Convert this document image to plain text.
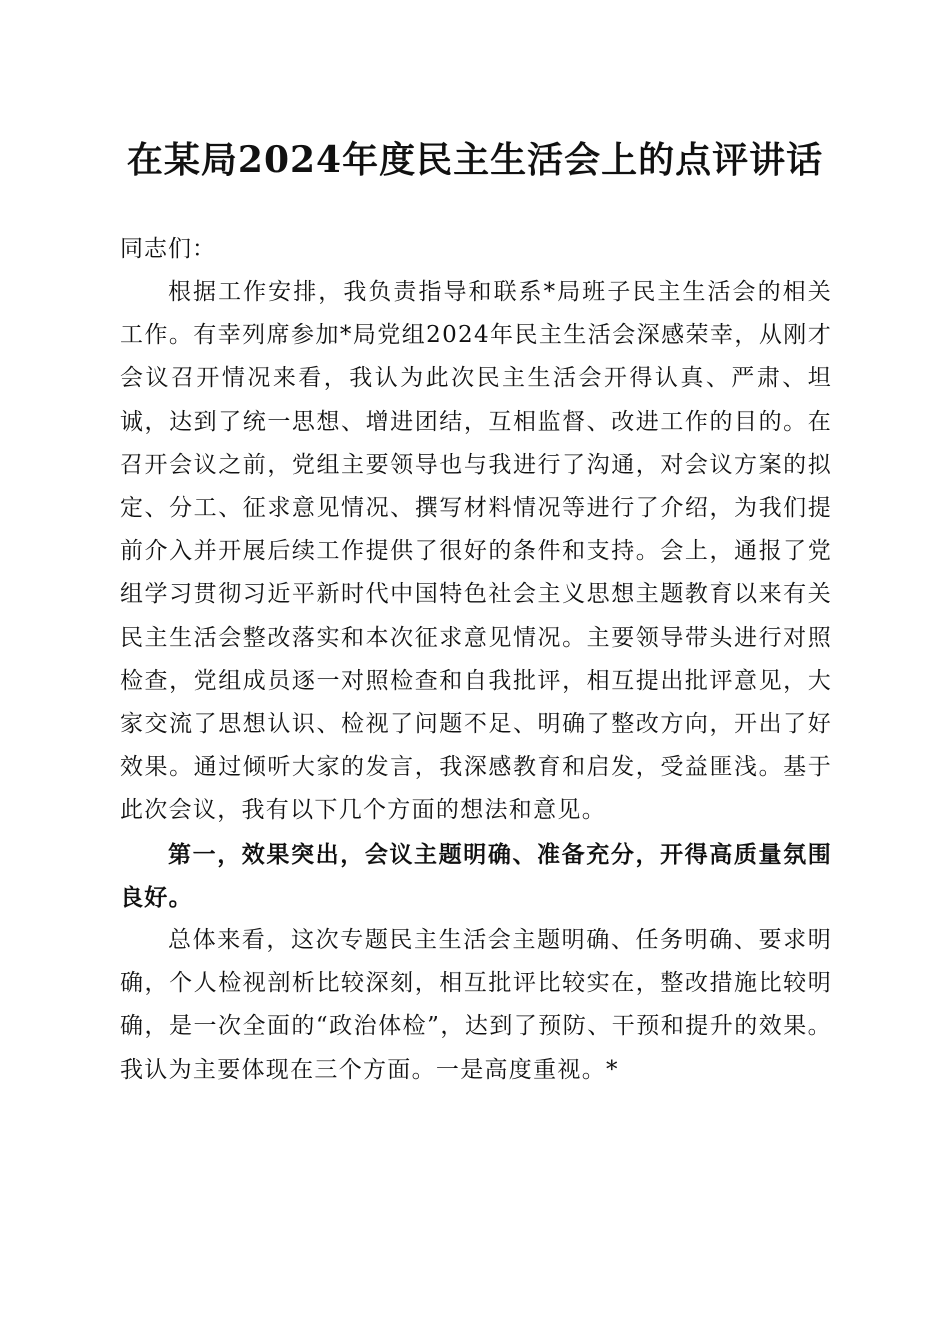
在某局2024年度民主生活会上的点评讲话

同志们：

根据工作安排，我负责指导和联系*局班子民主生活会的相关工作。有幸列席参加*局党组2024年民主生活会深感荣幸，从刚才会议召开情况来看，我认为此次民主生活会开得认真、严肃、坦诚，达到了统一思想、增进团结，互相监督、改进工作的目的。在召开会议之前，党组主要领导也与我进行了沟通，对会议方案的拟定、分工、征求意见情况、撰写材料情况等进行了介绍，为我们提前介入并开展后续工作提供了很好的条件和支持。会上，通报了党组学习贯彻习近平新时代中国特色社会主义思想主题教育以来有关民主生活会整改落实和本次征求意见情况。主要领导带头进行对照检查，党组成员逐一对照检查和自我批评，相互提出批评意见，大家交流了思想认识、检视了问题不足、明确了整改方向，开出了好效果。通过倾听大家的发言，我深感教育和启发，受益匪浅。基于此次会议，我有以下几个方面的想法和意见。

第一，效果突出，会议主题明确、准备充分，开得高质量氛围良好。

总体来看，这次专题民主生活会主题明确、任务明确、要求明确，个人检视剖析比较深刻，相互批评比较实在，整改措施比较明确，是一次全面的“政治体检”，达到了预防、干预和提升的效果。我认为主要体现在三个方面。一是高度重视。*
